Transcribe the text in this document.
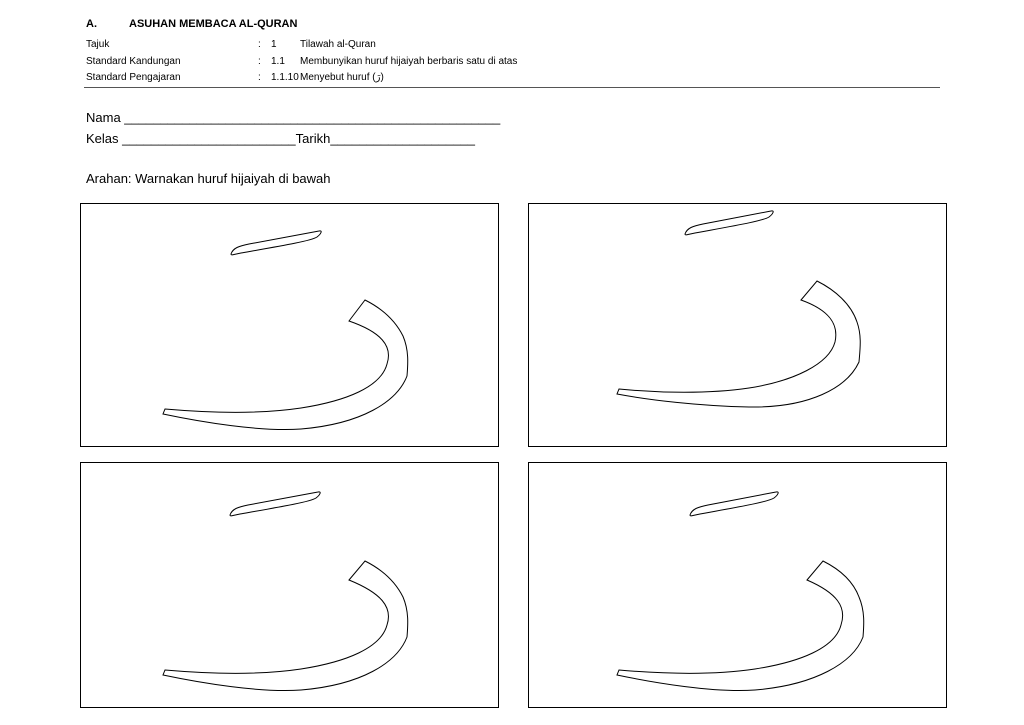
A.	ASUHAN MEMBACA AL-QURAN
Tajuk	: 1 Tilawah al-Quran
Standard Kandungan	: 1.1 Membunyikan huruf hijaiyah berbaris satu di atas
Standard Pengajaran	: 1.1.10 Menyebut huruf (رَ)
Nama ____________________________________________________
Kelas ________________________Tarikh____________________
Arahan: Warnakan huruf hijaiyah di bawah
